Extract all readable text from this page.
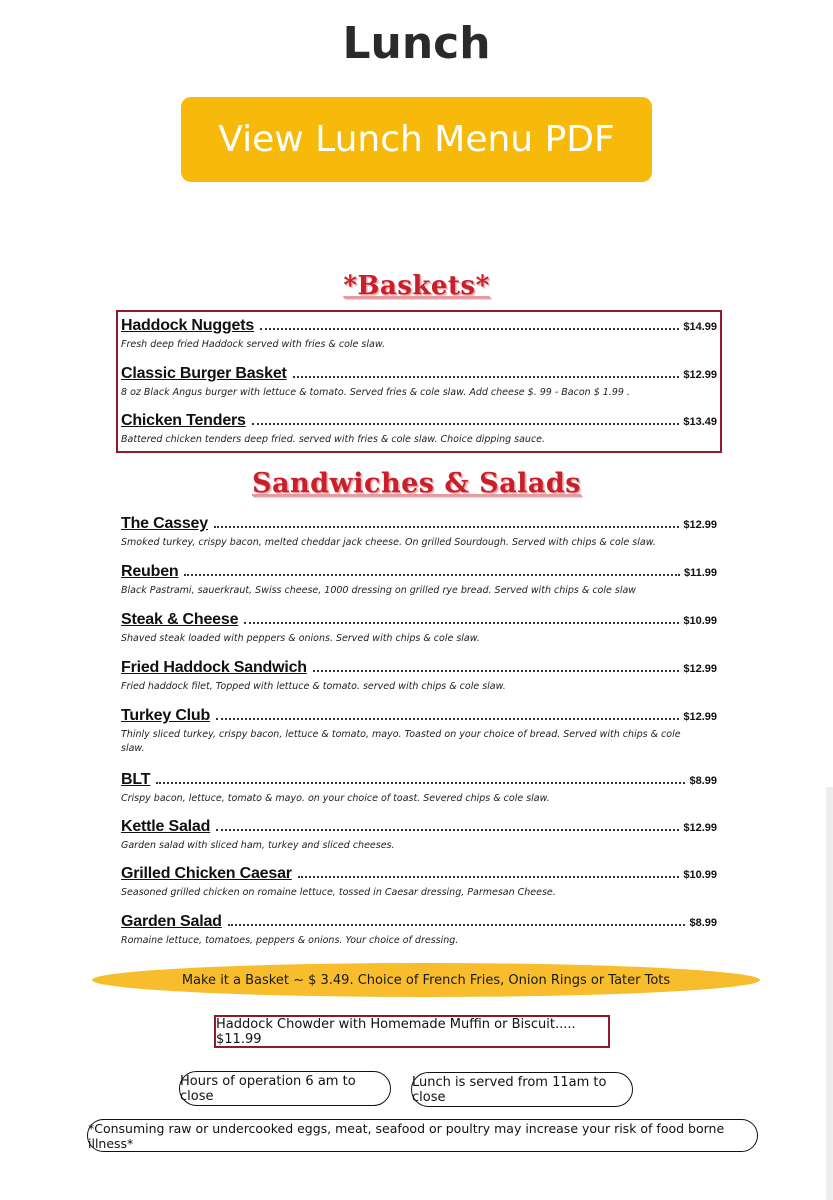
Lunch
View Lunch Menu PDF
*Baskets*
Haddock Nuggets	$14.99
Fresh deep fried Haddock served with fries & cole slaw.
Classic Burger Basket	$12.99
8 oz Black Angus burger with lettuce & tomato. Served fries & cole slaw. Add cheese $. 99 - Bacon $ 1.99 .
Chicken Tenders	$13.49
Battered chicken tenders deep fried. served with fries & cole slaw. Choice dipping sauce.
Sandwiches & Salads
The Cassey	$12.99
Smoked turkey, crispy bacon, melted cheddar jack cheese. On grilled Sourdough. Served with chips & cole slaw.
Reuben	$11.99
Black Pastrami, sauerkraut, Swiss cheese, 1000 dressing on grilled rye bread. Served with chips & cole slaw
Steak & Cheese	$10.99
Shaved steak loaded with peppers & onions. Served with chips & cole slaw.
Fried Haddock Sandwich	$12.99
Fried haddock filet, Topped with lettuce & tomato. served with chips & cole slaw.
Turkey Club	$12.99
Thinly sliced turkey, crispy bacon, lettuce & tomato, mayo. Toasted on your choice of bread. Served with chips & cole slaw.
BLT	$8.99
Crispy bacon, lettuce, tomato & mayo. on your choice of toast. Severed chips & cole slaw.
Kettle Salad	$12.99
Garden salad with sliced ham, turkey and sliced cheeses.
Grilled Chicken Caesar	$10.99
Seasoned grilled chicken on romaine lettuce, tossed in Caesar dressing, Parmesan Cheese.
Garden Salad	$8.99
Romaine lettuce, tomatoes, peppers & onions. Your choice of dressing.
Make it a Basket ~ $ 3.49. Choice of French Fries, Onion Rings or Tater Tots
Haddock Chowder with Homemade Muffin or Biscuit..... $11.99
Hours of operation 6 am to close
Lunch is served from 11am to close
*Consuming raw or undercooked eggs, meat, seafood or poultry may increase your risk of food borne illness*
